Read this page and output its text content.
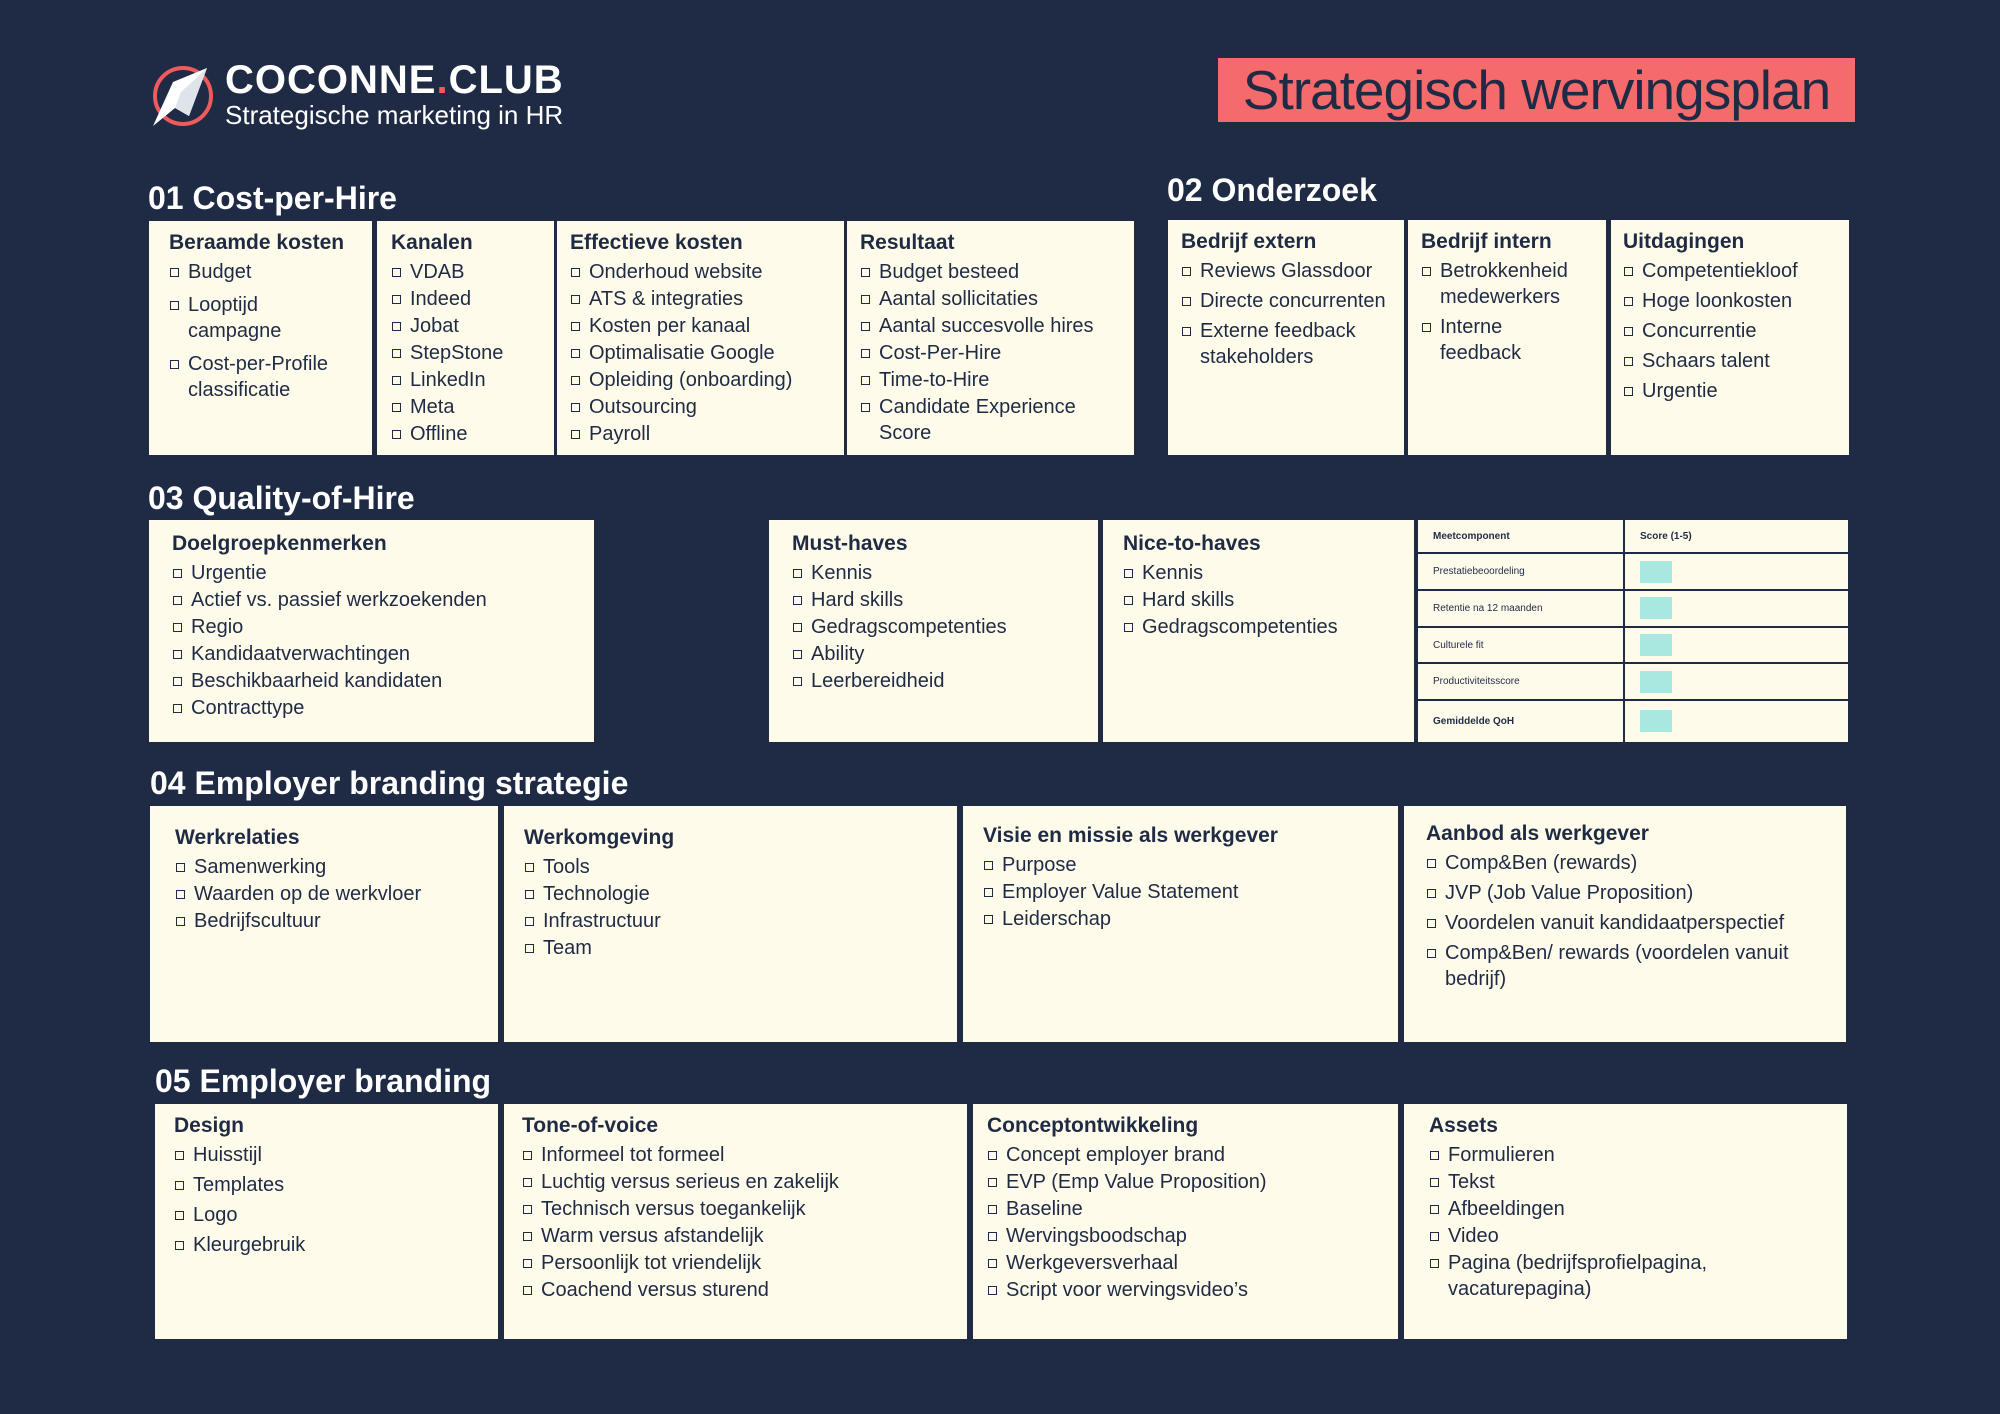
COCONNE.CLUB
Strategische marketing in HR	Strategisch wervingsplan
01 Cost-per-Hire
Beraamde kosten
Budget
Looptijd campagne
Cost-per-Profile classificatie
Kanalen
VDAB
Indeed
Jobat
StepStone
LinkedIn
Meta
Offline
Effectieve kosten
Onderhoud website
ATS & integraties
Kosten per kanaal
Optimalisatie Google
Opleiding (onboarding)
Outsourcing
Payroll
Resultaat
Budget besteed
Aantal sollicitaties
Aantal succesvolle hires
Cost-Per-Hire
Time-to-Hire
Candidate Experience Score
02 Onderzoek
Bedrijf extern
Reviews Glassdoor
Directe concurrenten
Externe feedback stakeholders
Bedrijf intern
Betrokkenheid medewerkers
Interne feedback
Uitdagingen
Competentiekloof
Hoge loonkosten
Concurrentie
Schaars talent
Urgentie
03 Quality-of-Hire
Doelgroepkenmerken
Urgentie
Actief vs. passief werkzoekenden
Regio
Kandidaatverwachtingen
Beschikbaarheid kandidaten
Contracttype
Must-haves
Kennis
Hard skills
Gedragscompetenties
Ability
Leerbereidheid
Nice-to-haves
Kennis
Hard skills
Gedragscompetenties
Meetcomponent	Score (1-5)
Prestatiebeoordeling	

Retentie na 12 maanden	

Culturele fit	

Productiviteitsscore	

Gemiddelde QoH	
04 Employer branding strategie
Werkrelaties
Samenwerking
Waarden op de werkvloer
Bedrijfscultuur
Werkomgeving
Tools
Technologie
Infrastructuur
Team
Visie en missie als werkgever
Purpose
Employer Value Statement
Leiderschap
Aanbod als werkgever
Comp&Ben (rewards)
JVP (Job Value Proposition)
Voordelen vanuit kandidaatperspectief
Comp&Ben/ rewards (voordelen vanuit bedrijf)
05 Employer branding
Design
Huisstijl
Templates
Logo
Kleurgebruik
Tone-of-voice
Informeel tot formeel
Luchtig versus serieus en zakelijk
Technisch versus toegankelijk
Warm versus afstandelijk
Persoonlijk tot vriendelijk
Coachend versus sturend
Conceptontwikkeling
Concept employer brand
EVP (Emp Value Proposition)
Baseline
Wervingsboodschap
Werkgeversverhaal
Script voor wervingsvideo’s
Assets
Formulieren
Tekst
Afbeeldingen
Video
Pagina (bedrijfsprofielpagina, vacaturepagina)
